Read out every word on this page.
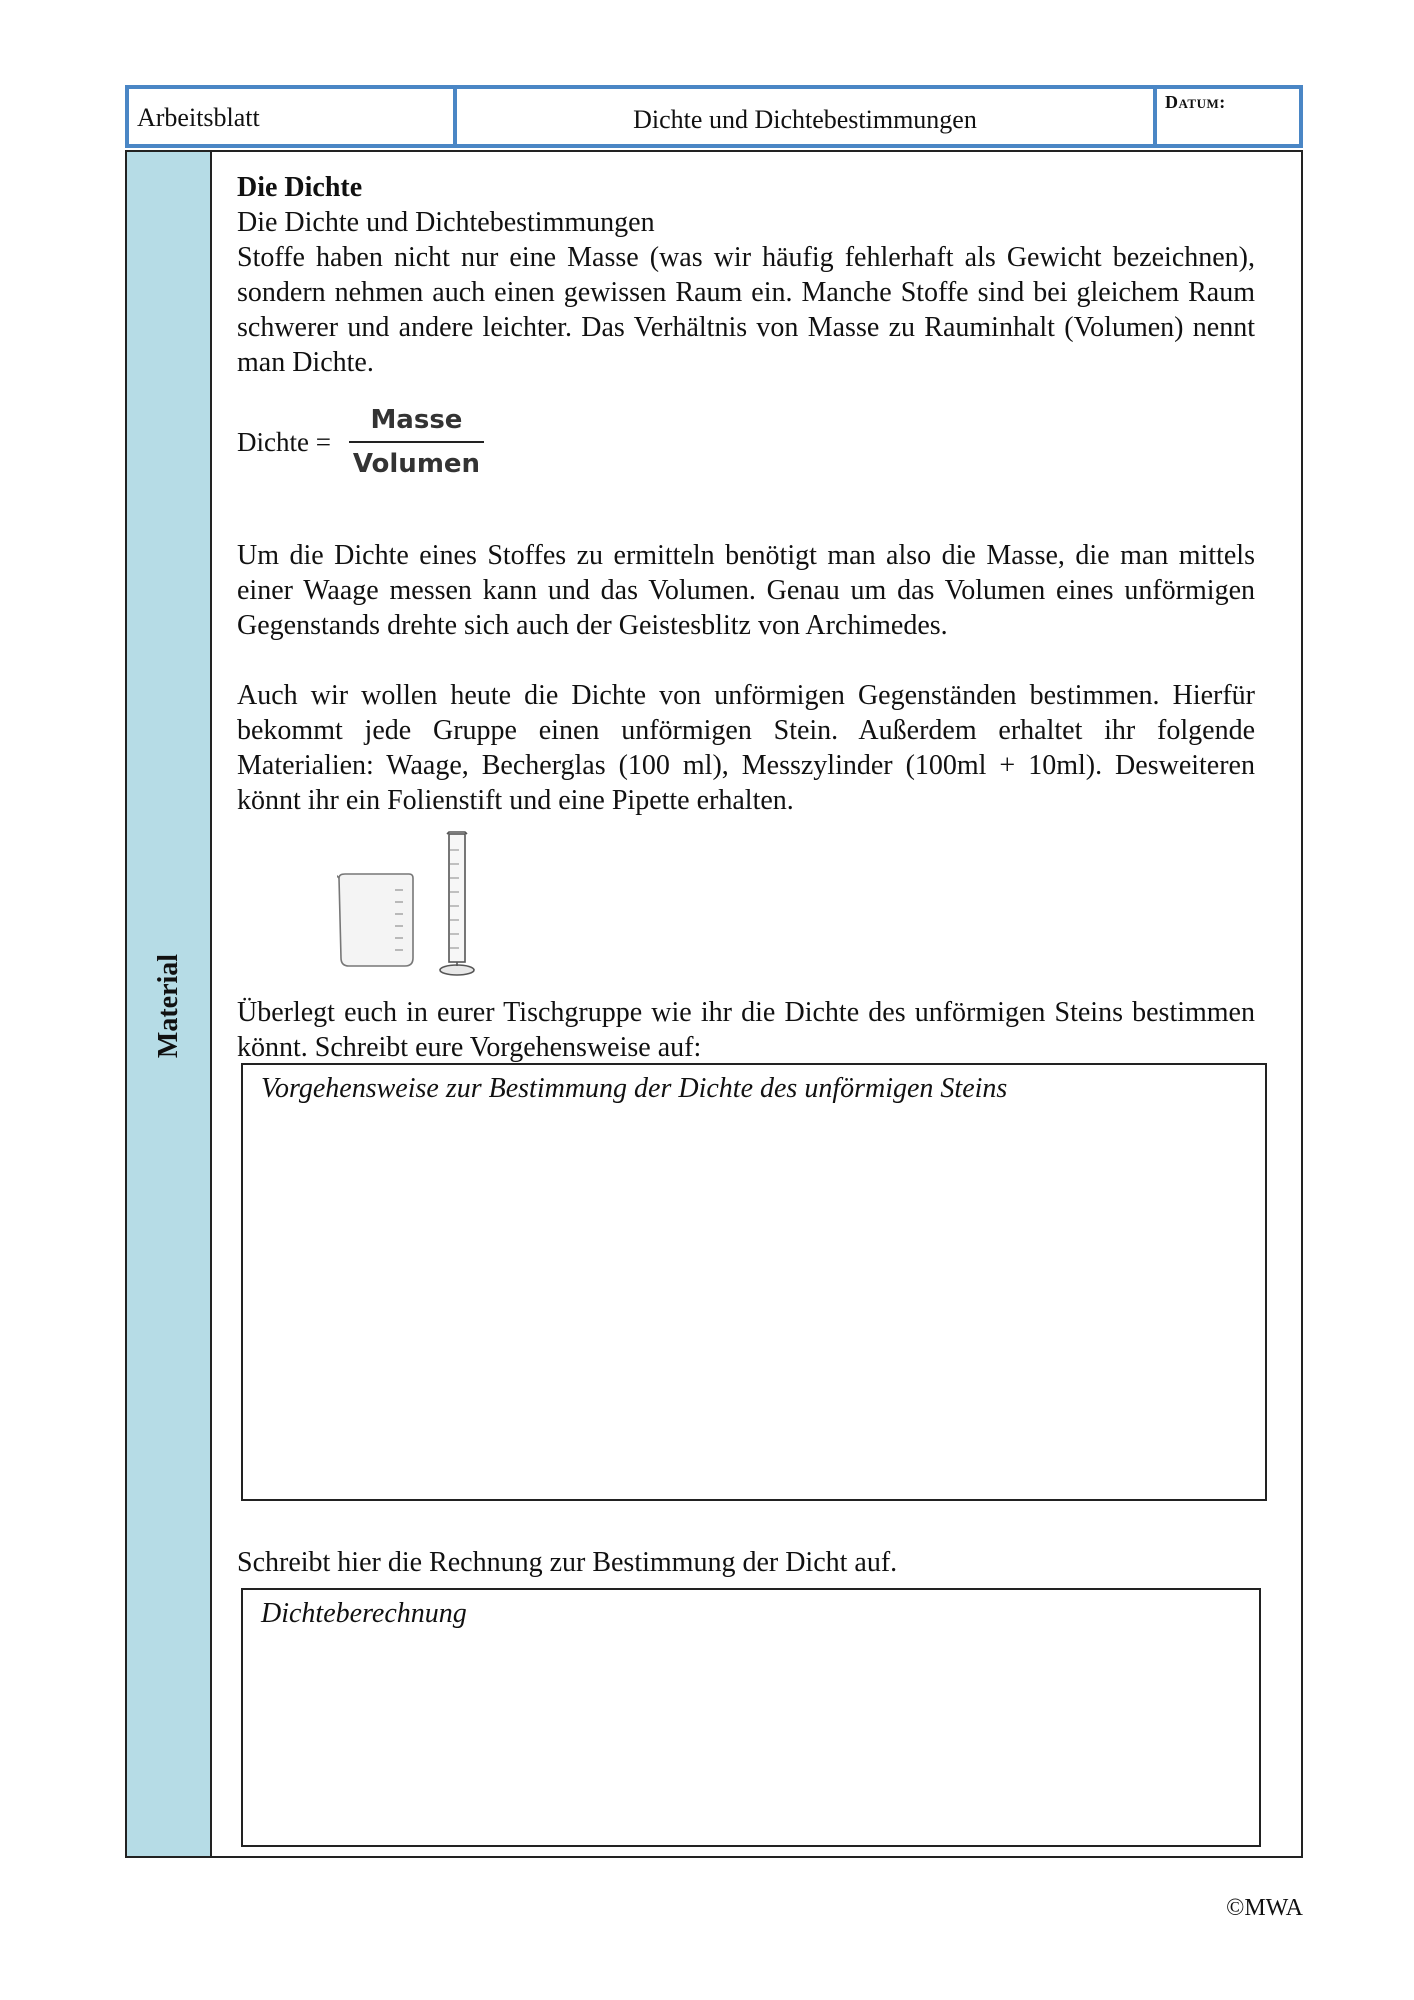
Arbeitsblatt	Dichte und Dichtebestimmungen
Datum:
Material
Die Dichte
Die Dichte und Dichtebestimmungen

Stoffe haben nicht nur eine Masse (was wir häufig fehlerhaft als Gewicht bezeichnen), sondern nehmen auch einen gewissen Raum ein. Manche Stoffe sind bei gleichem Raum schwerer und andere leichter. Das Verhältnis von Masse zu Rauminhalt (Volumen) nennt man Dichte.

Dichte = $\frac{\text{Masse}}{\text{Volumen}}$

Um die Dichte eines Stoffes zu ermitteln benötigt man also die Masse, die man mittels einer Waage messen kann und das Volumen. Genau um das Volumen eines unförmigen Gegenstands drehte sich auch der Geistesblitz von Archimedes.

Auch wir wollen heute die Dichte von unförmigen Gegenständen bestimmen. Hierfür bekommt jede Gruppe einen unförmigen Stein. Außerdem erhaltet ihr folgende Materialien: Waage, Becherglas (100 ml), Messzylinder (100ml + 10ml). Desweiteren könnt ihr ein Folienstift und eine Pipette erhalten.

Überlegt euch in eurer Tischgruppe wie ihr die Dichte des unförmigen Steins bestimmen könnt. Schreibt eure Vorgehensweise auf:

Vorgehensweise zur Bestimmung der Dichte des unförmigen Steins

Schreibt hier die Rechnung zur Bestimmung der Dicht auf.

Dichteberechnung
©MWA
